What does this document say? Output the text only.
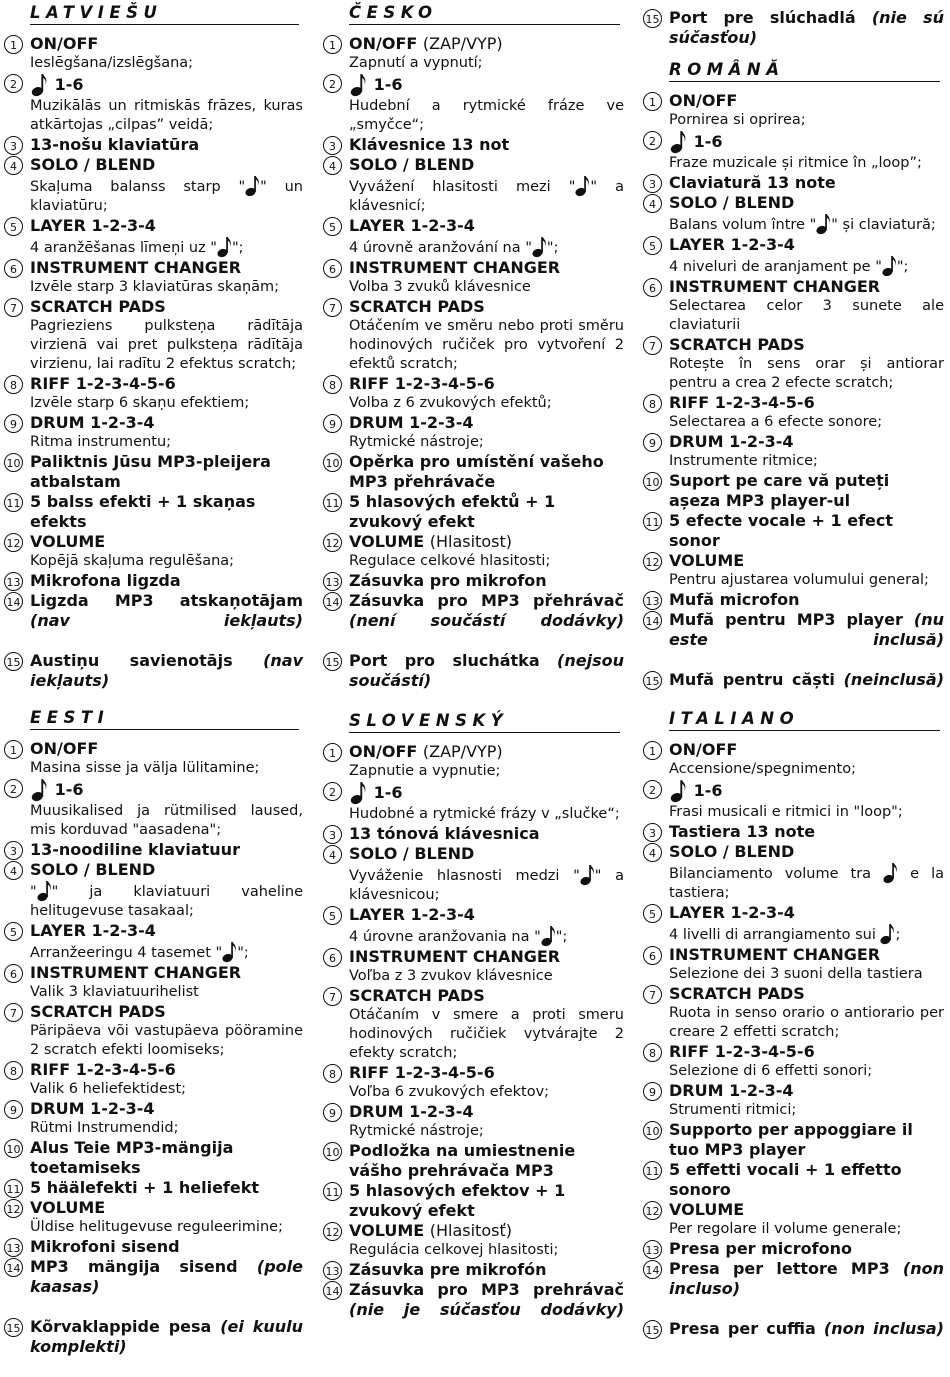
LATVIEŠU
1 ON/OFF
Ieslēgšana/izslēgšana;
2	1-6
Muzikālās un ritmiskās frāzes, kuras atkārtojas „cilpas” veidā;
3 13-nošu klaviatūra
4 SOLO / BLEND
Skaļuma balanss starp " " un klaviatūru;
5 LAYER 1-2-3-4
4 aranžēšanas līmeņi uz " ";
6 INSTRUMENT CHANGER
Izvēle starp 3 klaviatūras skaņām;
7 SCRATCH PADS
Pagrieziens pulksteņa rādītāja virzienā vai pret pulksteņa rādītāja virzienu, lai radītu 2 efektus scratch;
8 RIFF 1-2-3-4-5-6
Izvēle starp 6 skaņu efektiem;
9 DRUM 1-2-3-4
Ritma instrumentu;
10 Paliktnis Jūsu MP3-pleijera atbalstam
11 5 balss efekti + 1 skaņas efekts
12 VOLUME
Kopējā skaļuma regulēšana;
13 Mikrofona ligzda
14 Ligzda MP3 atskaņotājam (nav iekļauts)
15 Austiņu savienotājs (nav iekļauts)
EESTI
1 ON/OFF
Masina sisse ja välja lülitamine;
2	1-6
Muusikalised ja rütmilised laused, mis korduvad "aasadena";
3 13-noodiline klaviatuur
4 SOLO / BLEND
" " ja klaviatuuri vaheline helitugevuse tasakaal;
5 LAYER 1-2-3-4
Arranžeeringu 4 tasemet " ";
6 INSTRUMENT CHANGER
Valik 3 klaviatuurihelist
7 SCRATCH PADS
Päripäeva või vastupäeva pööramine 2 scratch efekti loomiseks;
8 RIFF 1-2-3-4-5-6
Valik 6 heliefektidest;
9 DRUM 1-2-3-4
Rütmi Instrumendid;
10 Alus Teie MP3-mängija toetamiseks
11 5 häälefekti + 1 heliefekt
12 VOLUME
Üldise helitugevuse reguleerimine;
13 Mikrofoni sisend
14 MP3 mängija sisend (pole kaasas)
15 Kõrvaklappide pesa (ei kuulu komplekti)
ČESKO
1 ON/OFF (ZAP/VYP)
Zapnutí a vypnutí;
2	1-6
Hudební a rytmické fráze ve „smyčce“;
3 Klávesnice 13 not
4 SOLO / BLEND
Vyvážení hlasitosti mezi " " a klávesnicí;
5 LAYER 1-2-3-4
4 úrovně aranžování na " ";
6 INSTRUMENT CHANGER
Volba 3 zvuků klávesnice
7 SCRATCH PADS
Otáčením ve směru nebo proti směru hodinových ručiček pro vytvoření 2 efektů scratch;
8 RIFF 1-2-3-4-5-6
Volba z 6 zvukových efektů;
9 DRUM 1-2-3-4
Rytmické nástroje;
10 Opěrka pro umístění vašeho MP3 přehrávače
11 5 hlasových efektů + 1 zvukový efekt
12 VOLUME (Hlasitost)
Regulace celkové hlasitosti;
13 Zásuvka pro mikrofon
14 Zásuvka pro MP3 přehrávač (není součástí dodávky)
15 Port pro sluchátka (nejsou součástí)
SLOVENSKÝ
1 ON/OFF (ZAP/VYP)
Zapnutie a vypnutie;
2	1-6
Hudobné a rytmické frázy v „slučke“;
3 13 tónová klávesnica
4 SOLO / BLEND
Vyváženie hlasnosti medzi " " a klávesnicou;
5 LAYER 1-2-3-4
4 úrovne aranžovania na " ";
6 INSTRUMENT CHANGER
Voľba z 3 zvukov klávesnice
7 SCRATCH PADS
Otáčaním v smere a proti smeru hodinových ručičiek vytvárajte 2 efekty scratch;
8 RIFF 1-2-3-4-5-6
Voľba 6 zvukových efektov;
9 DRUM 1-2-3-4
Rytmické nástroje;
10 Podložka na umiestnenie vášho prehrávača MP3
11 5 hlasových efektov + 1 zvukový efekt
12 VOLUME (Hlasitosť)
Regulácia celkovej hlasitosti;
13 Zásuvka pre mikrofón
14 Zásuvka pro MP3 prehrávač (nie je súčasťou dodávky)
15 Port pre slúchadlá (nie sú súčasťou)
ROMÂNĂ
1 ON/OFF
Pornirea si oprirea;
2	1-6
Fraze muzicale și ritmice în „loop”;
3 Claviatură 13 note
4 SOLO / BLEND
Balans volum între " " și claviatură;
5 LAYER 1-2-3-4
4 niveluri de aranjament pe " ";
6 INSTRUMENT CHANGER
Selectarea celor 3 sunete ale claviaturii
7 SCRATCH PADS
Rotește în sens orar și antiorar pentru a crea 2 efecte scratch;
8 RIFF 1-2-3-4-5-6
Selectarea a 6 efecte sonore;
9 DRUM 1-2-3-4
Instrumente ritmice;
10 Suport pe care vă puteți așeza MP3 player-ul
11 5 efecte vocale + 1 efect sonor
12 VOLUME
Pentru ajustarea volumului general;
13 Mufă microfon
14 Mufă pentru MP3 player (nu este inclusă)
15 Mufă pentru căști (neinclusă)
ITALIANO
1 ON/OFF
Accensione/spegnimento;
2	1-6
Frasi musicali e ritmici in "loop";
3 Tastiera 13 note
4 SOLO / BLEND
Bilanciamento volume tra  e la tastiera;
5 LAYER 1-2-3-4
4 livelli di arrangiamento sui ;
6 INSTRUMENT CHANGER
Selezione dei 3 suoni della tastiera
7 SCRATCH PADS
Ruota in senso orario o antiorario per creare 2 effetti scratch;
8 RIFF 1-2-3-4-5-6
Selezione di 6 effetti sonori;
9 DRUM 1-2-3-4
Strumenti ritmici;
10 Supporto per appoggiare il tuo MP3 player
11 5 effetti vocali + 1 effetto sonoro
12 VOLUME
Per regolare il volume generale;
13 Presa per microfono
14 Presa per lettore MP3 (non incluso)
15 Presa per cuffia (non inclusa)
